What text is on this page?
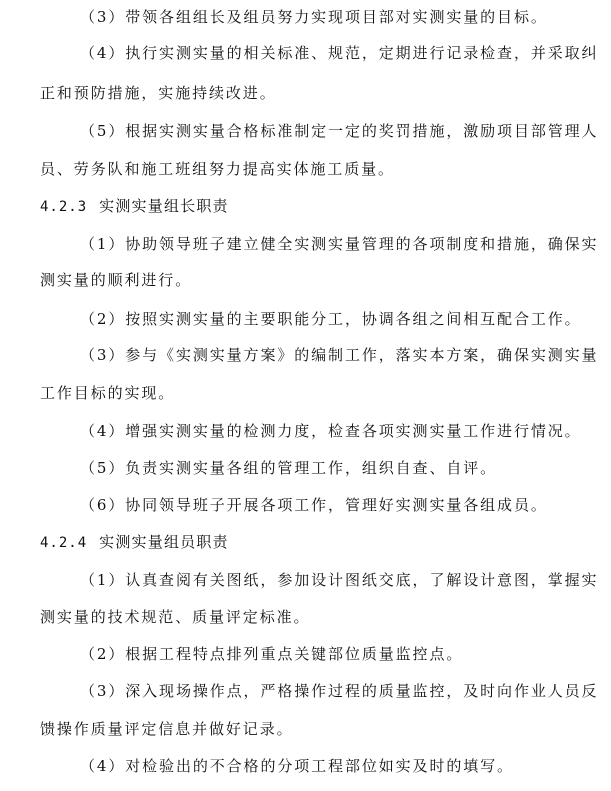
（3）带领各组组长及组员努力实现项目部对实测实量的目标。
（4）执行实测实量的相关标准、规范，定期进行记录检查，并采取纠
正和预防措施，实施持续改进。
（5）根据实测实量合格标准制定一定的奖罚措施，激励项目部管理人
员、劳务队和施工班组努力提高实体施工质量。
4.2.3 实测实量组长职责
（1）协助领导班子建立健全实测实量管理的各项制度和措施，确保实
测实量的顺利进行。
（2）按照实测实量的主要职能分工，协调各组之间相互配合工作。
（3）参与《实测实量方案》的编制工作，落实本方案，确保实测实量
工作目标的实现。
（4）增强实测实量的检测力度，检查各项实测实量工作进行情况。
（5）负责实测实量各组的管理工作，组织自查、自评。
（6）协同领导班子开展各项工作，管理好实测实量各组成员。
4.2.4 实测实量组员职责
（1）认真查阅有关图纸，参加设计图纸交底，了解设计意图，掌握实
测实量的技术规范、质量评定标准。
（2）根据工程特点排列重点关键部位质量监控点。
（3）深入现场操作点，严格操作过程的质量监控，及时向作业人员反
馈操作质量评定信息并做好记录。
（4）对检验出的不合格的分项工程部位如实及时的填写。
